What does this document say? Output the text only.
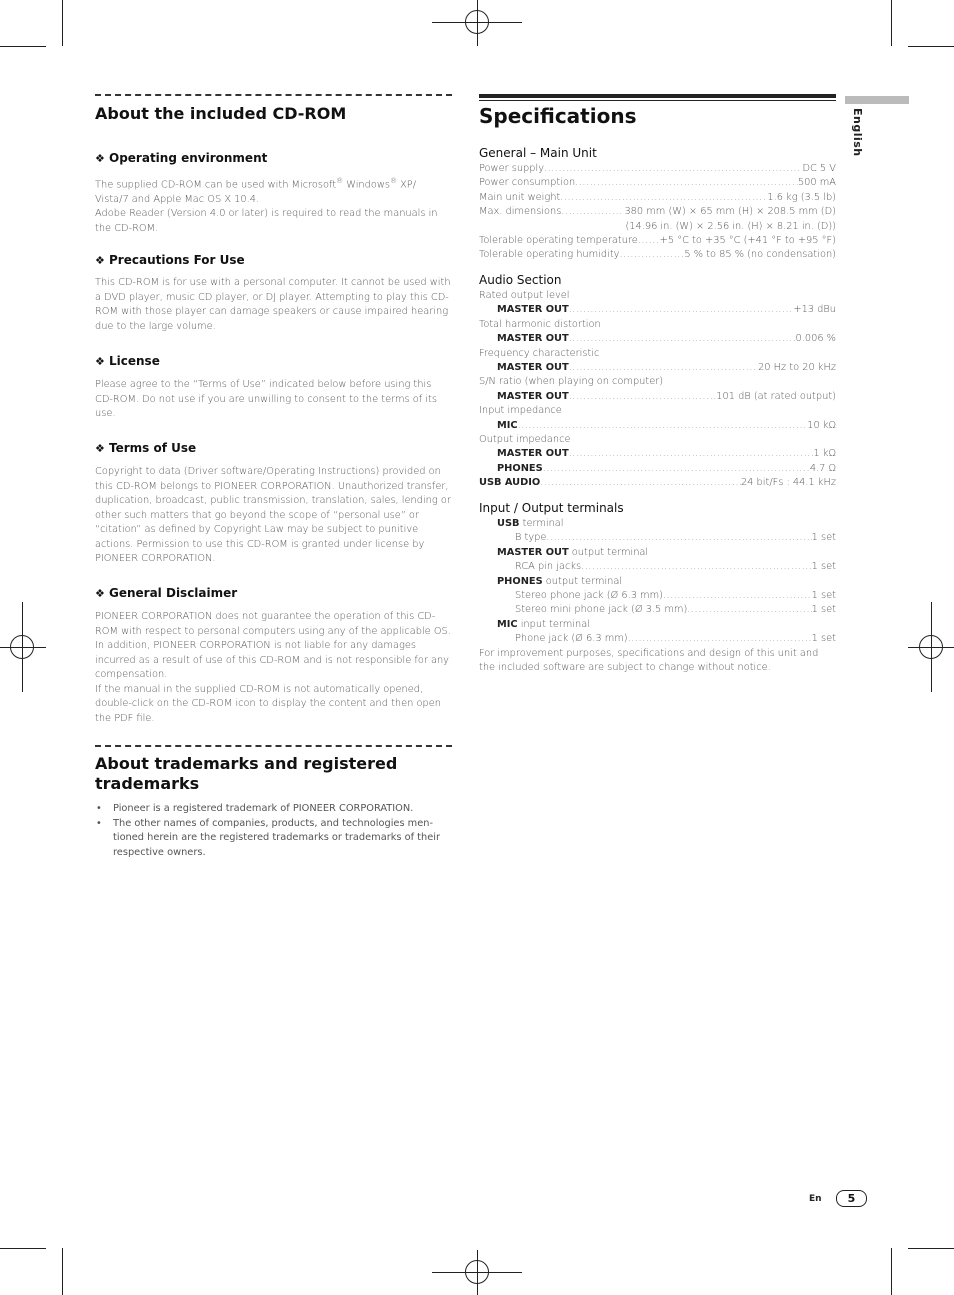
About the included CD-ROM
❖ Operating environment
The supplied CD-ROM can be used with Microsoft® Windows® XP/
Vista/7 and Apple Mac OS X 10.4.
Adobe Reader (Version 4.0 or later) is required to read the manuals in the CD-ROM.
❖ Precautions For Use
This CD-ROM is for use with a personal computer. It cannot be used with a DVD player, music CD player, or DJ player. Attempting to play this CD-ROM with those player can damage speakers or cause impaired hearing due to the large volume.
❖ License
Please agree to the “Terms of Use” indicated below before using this CD-ROM. Do not use if you are unwilling to consent to the terms of its use.
❖ Terms of Use
Copyright to data (Driver software/Operating Instructions) provided on this CD-ROM belongs to PIONEER CORPORATION. Unauthorized transfer, duplication, broadcast, public transmission, translation, sales, lending or other such matters that go beyond the scope of “personal use” or “citation” as defined by Copyright Law may be subject to punitive actions. Permission to use this CD-ROM is granted under license by PIONEER CORPORATION.
❖ General Disclaimer
PIONEER CORPORATION does not guarantee the operation of this CD-ROM with respect to personal computers using any of the applicable OS. In addition, PIONEER CORPORATION is not liable for any damages incurred as a result of use of this CD-ROM and is not responsible for any compensation.
If the manual in the supplied CD-ROM is not automatically opened, double-click on the CD-ROM icon to display the content and then open the PDF file.
About trademarks and registered trademarks
• Pioneer is a registered trademark of PIONEER CORPORATION.
• The other names of companies, products, and technologies men- tioned herein are the registered trademarks or trademarks of their respective owners.
Specifications
General – Main Unit
Power supply .....	DC 5 V
Power consumption .....	500 mA
Main unit weight .....	1.6 kg (3.5 lb)
Max. dimensions .....	380 mm (W) × 65 mm (H) × 208.5 mm (D)
(14.96 in. (W) × 2.56 in. (H) × 8.21 in. (D))
Tolerable operating temperature ..... +5 °C to +35 °C (+41 °F to +95 °F)
Tolerable operating humidity .....	5 % to 85 % (no condensation)
Audio Section
Rated output level
MASTER OUT .....	+13 dBu
Total harmonic distortion
MASTER OUT .....	0.006 %
Frequency characteristic
MASTER OUT .....	20 Hz to 20 kHz
S/N ratio (when playing on computer)
MASTER OUT .....	101 dB (at rated output)
Input impedance
MIC .....	10 kΩ
Output impedance
MASTER OUT .....	1 kΩ
PHONES .....	4.7 Ω
USB AUDIO .....	24 bit/Fs : 44.1 kHz
Input / Output terminals
USB terminal
B type .....	1 set
MASTER OUT output terminal
RCA pin jacks .....	1 set
PHONES output terminal
Stereo phone jack (Ø 6.3 mm) .....	1 set
Stereo mini phone jack (Ø 3.5 mm) .....	1 set
MIC input terminal
Phone jack (Ø 6.3 mm) .....	1 set
For improvement purposes, specifications and design of this unit and the included software are subject to change without notice.
English
En	5
